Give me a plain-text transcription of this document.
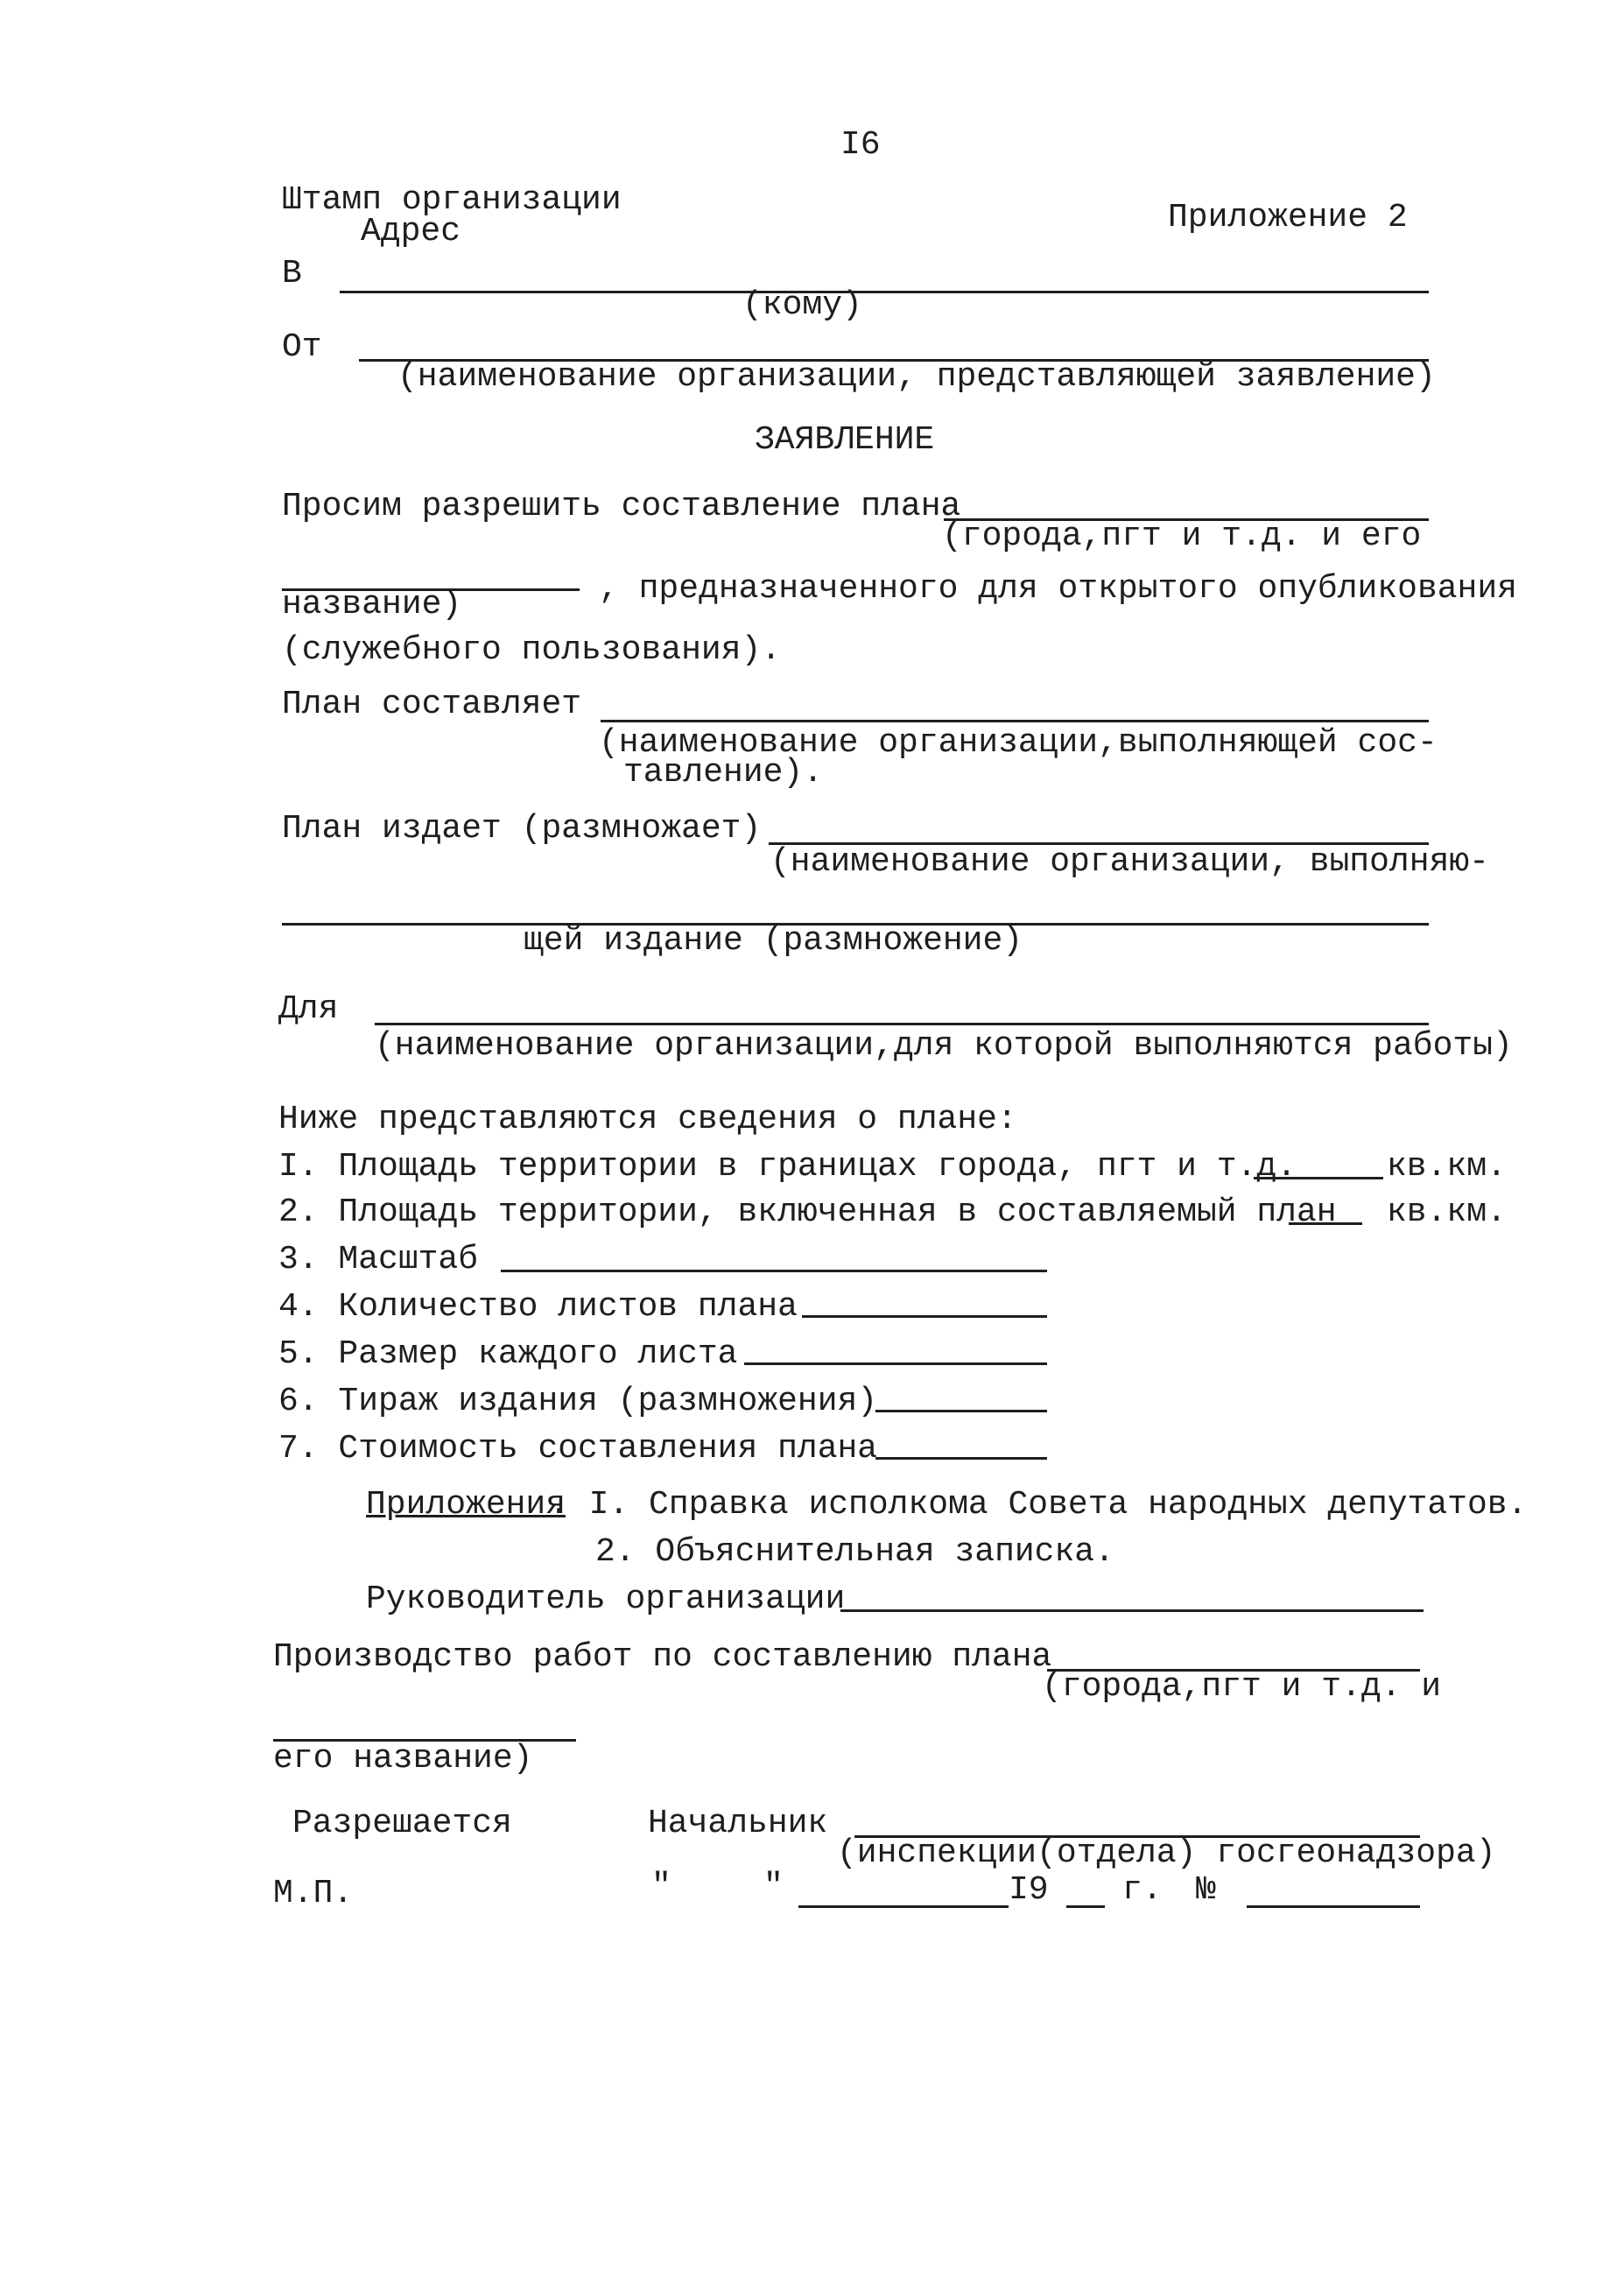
I6
Штамп организации
Адрес	Приложение 2
В
(кому)
От
(наименование организации, представляющей заявление)
ЗАЯВЛЕНИЕ
Просим разрешить составление плана
(города,пгт и т.д. и его
название)	, предназначенного для открытого опубликования
(служебного пользования).
План составляет
(наименование организации,выполняющей сос-
тавление).
План издает (размножает)
(наименование организации, выполняю-
щей издание (размножение)
Для
(наименование организации,для которой выполняются работы)
Ниже представляются сведения о плане:
I. Площадь территории в границах города, пгт и т.д.	кв.км.
2. Площадь территории, включенная в составляемый план кв.км.
3. Масштаб
4. Количество листов плана
5. Размер каждого листа
6. Тираж издания (размножения)
7. Стоимость составления плана
Приложения
. I. Справка исполкома Совета народных депутатов.
2. Объяснительная записка.
Руководитель организации
Производство работ по составлению плана
(города,пгт и т.д. и
его название)
Разрешается	Начальник
(инспекции(отдела) госгеонадзора)
М.П.	"	"	I9 г. №
